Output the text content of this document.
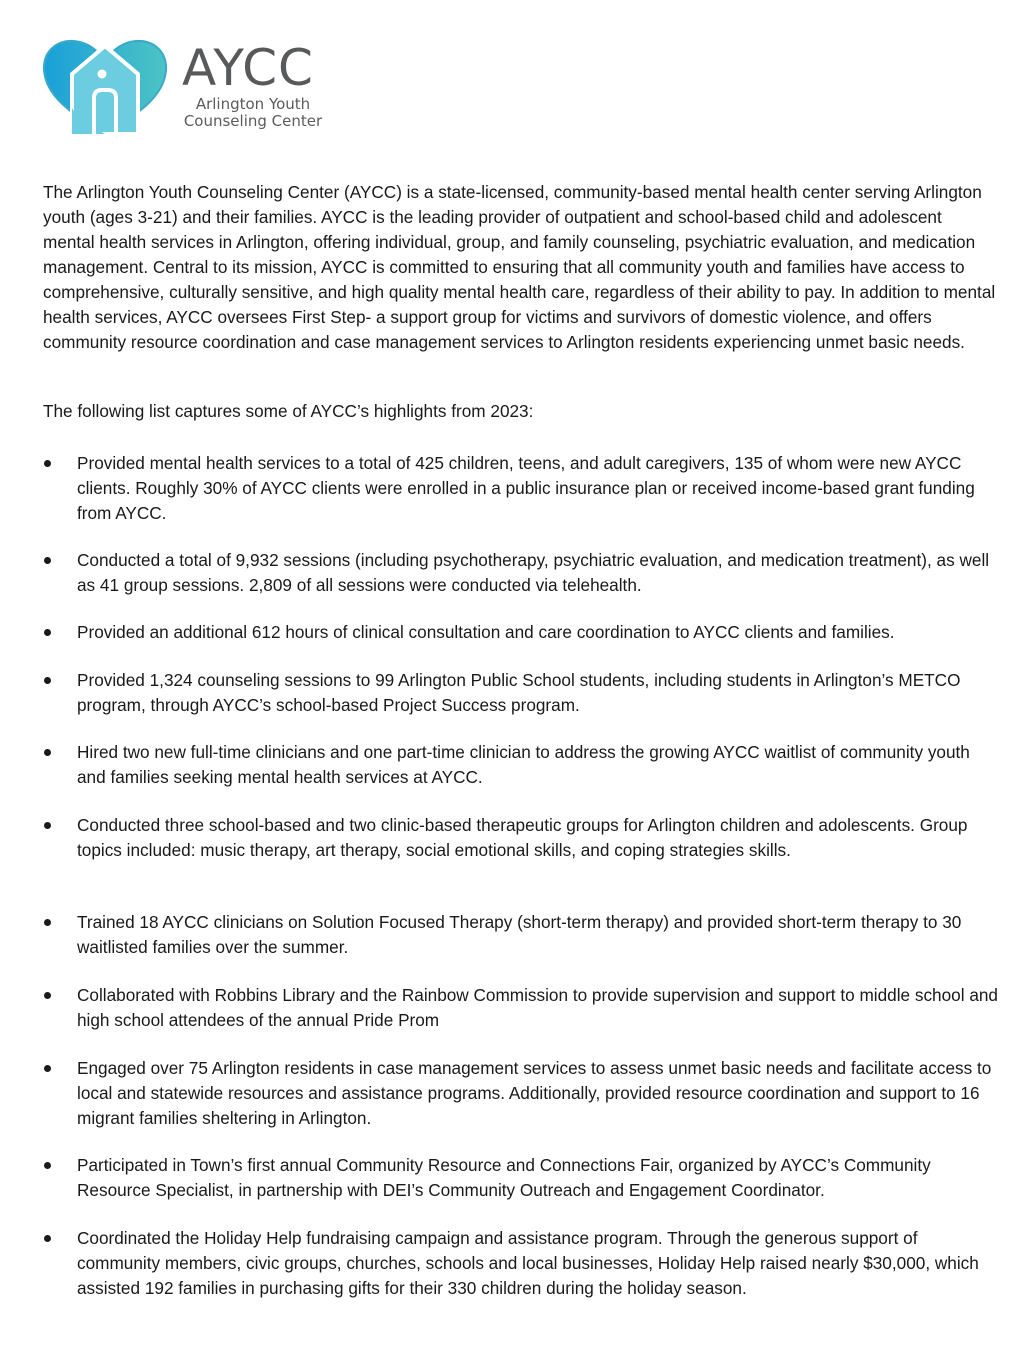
AYCC
Arlington Youth Counseling Center

The Arlington Youth Counseling Center (AYCC) is a state-licensed, community-based mental health center serving Arlington youth (ages 3-21) and their families. AYCC is the leading provider of outpatient and school-based child and adolescent mental health services in Arlington, offering individual, group, and family counseling, psychiatric evaluation, and medication management. Central to its mission, AYCC is committed to ensuring that all community youth and families have access to comprehensive, culturally sensitive, and high quality mental health care, regardless of their ability to pay. In addition to mental health services, AYCC oversees First Step- a support group for victims and survivors of domestic violence, and offers community resource coordination and case management services to Arlington residents experiencing unmet basic needs.

The following list captures some of AYCC’s highlights from 2023:

Provided mental health services to a total of 425 children, teens, and adult caregivers, 135 of whom were new AYCC clients. Roughly 30% of AYCC clients were enrolled in a public insurance plan or received income-based grant funding from AYCC.
Conducted a total of 9,932 sessions (including psychotherapy, psychiatric evaluation, and medication treatment), as well as 41 group sessions. 2,809 of all sessions were conducted via telehealth.
Provided an additional 612 hours of clinical consultation and care coordination to AYCC clients and families.
Provided 1,324 counseling sessions to 99 Arlington Public School students, including students in Arlington’s METCO program, through AYCC’s school-based Project Success program.
Hired two new full-time clinicians and one part-time clinician to address the growing AYCC waitlist of community youth and families seeking mental health services at AYCC.
Conducted three school-based and two clinic-based therapeutic groups for Arlington children and adolescents. Group topics included: music therapy, art therapy, social emotional skills, and coping strategies skills.
Trained 18 AYCC clinicians on Solution Focused Therapy (short-term therapy) and provided short-term therapy to 30 waitlisted families over the summer.
Collaborated with Robbins Library and the Rainbow Commission to provide supervision and support to middle school and high school attendees of the annual Pride Prom
Engaged over 75 Arlington residents in case management services to assess unmet basic needs and facilitate access to local and statewide resources and assistance programs. Additionally, provided resource coordination and support to 16 migrant families sheltering in Arlington.
Participated in Town’s first annual Community Resource and Connections Fair, organized by AYCC’s Community Resource Specialist, in partnership with DEI’s Community Outreach and Engagement Coordinator.
Coordinated the Holiday Help fundraising campaign and assistance program. Through the generous support of community members, civic groups, churches, schools and local businesses, Holiday Help raised nearly $30,000, which assisted 192 families in purchasing gifts for their 330 children during the holiday season.
